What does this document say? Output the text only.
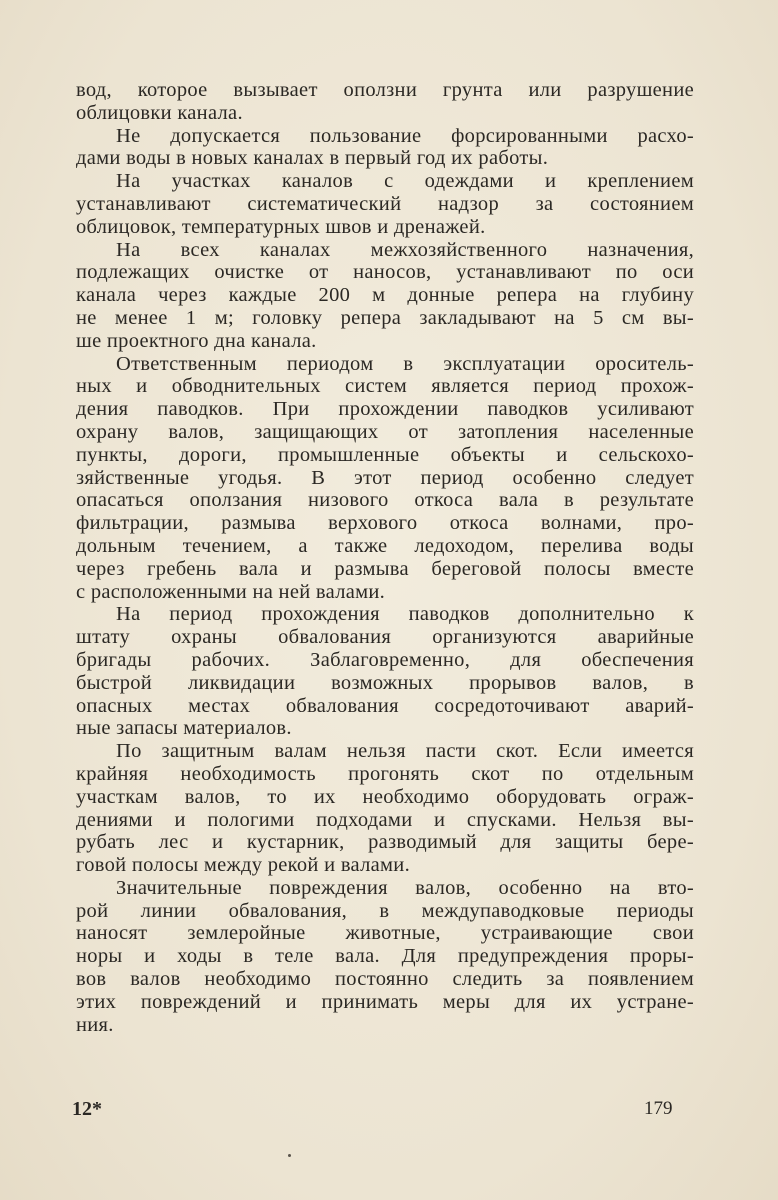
вод, которое вызывает оползни грунта или разрушение
облицовки канала.
Не допускается пользование форсированными расхо-
дами воды в новых каналах в первый год их работы.
На участках каналов с одеждами и креплением
устанавливают систематический надзор за состоянием
облицовок, температурных швов и дренажей.
На всех каналах межхозяйственного назначения,
подлежащих очистке от наносов, устанавливают по оси
канала через каждые 200 м донные репера на глубину
не менее 1 м; головку репера закладывают на 5 см вы-
ше проектного дна канала.
Ответственным периодом в эксплуатации ороситель-
ных и обводнительных систем является период прохож-
дения паводков. При прохождении паводков усиливают
охрану валов, защищающих от затопления населенные
пункты, дороги, промышленные объекты и сельскохо-
зяйственные угодья. В этот период особенно следует
опасаться оползания низового откоса вала в результате
фильтрации, размыва верхового откоса волнами, про-
дольным течением, а также ледоходом, перелива воды
через гребень вала и размыва береговой полосы вместе
с расположенными на ней валами.
На период прохождения паводков дополнительно к
штату охраны обвалования организуются аварийные
бригады рабочих. Заблаговременно, для обеспечения
быстрой ликвидации возможных прорывов валов, в
опасных местах обвалования сосредоточивают аварий-
ные запасы материалов.
По защитным валам нельзя пасти скот. Если имеется
крайняя необходимость прогонять скот по отдельным
участкам валов, то их необходимо оборудовать ограж-
дениями и пологими подходами и спусками. Нельзя вы-
рубать лес и кустарник, разводимый для защиты бере-
говой полосы между рекой и валами.
Значительные повреждения валов, особенно на вто-
рой линии обвалования, в междупаводковые периоды
наносят землеройные животные, устраивающие свои
норы и ходы в теле вала. Для предупреждения проры-
вов валов необходимо постоянно следить за появлением
этих повреждений и принимать меры для их устране-
ния.
12*	179
